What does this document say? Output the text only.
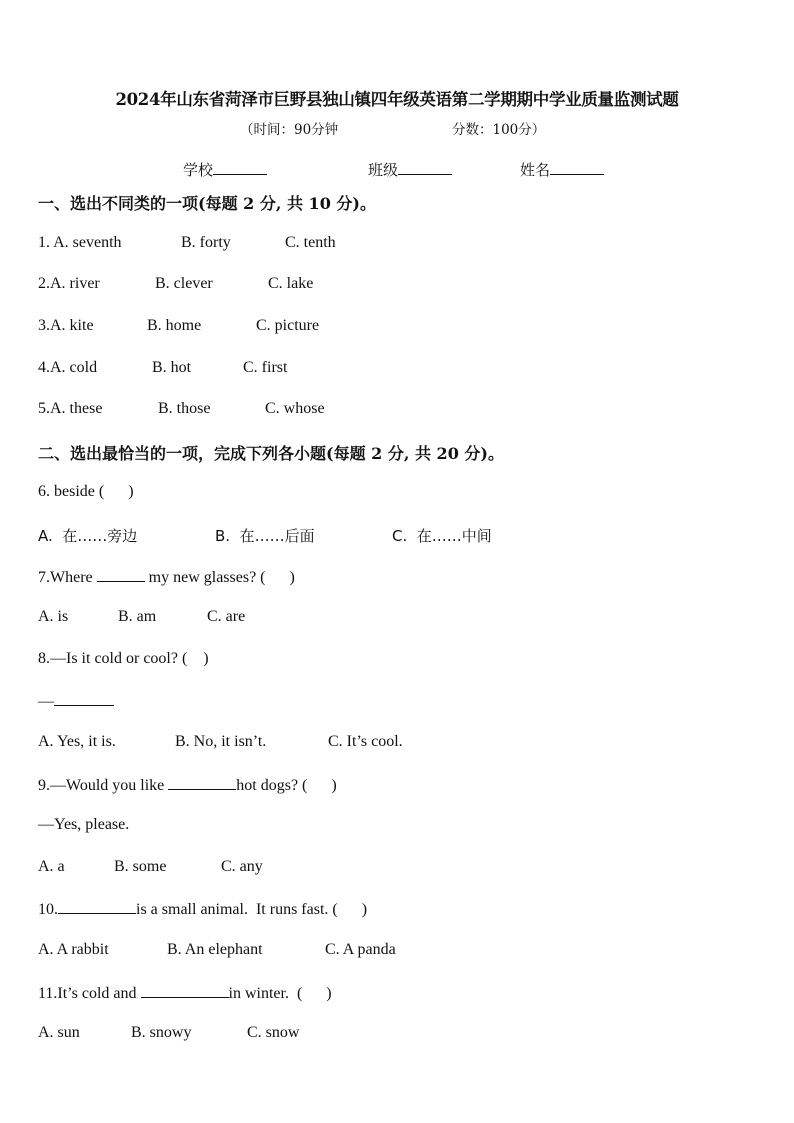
2024年山东省菏泽市巨野县独山镇四年级英语第二学期期中学业质量监测试题
（时间：90分钟	分数：100分）
学校	班级	姓名
一、选出不同类的一项(每题 2 分, 共 10 分)。
1. A. seventh	B. forty	C. tenth
2.A. river	B. clever	C. lake
3.A. kite	B. home	C. picture
4.A. cold	B. hot	C. first
5.A. these	B. those	C. whose
二、选出最恰当的一项，完成下列各小题(每题 2 分, 共 20 分)。
6. beside (      )
A.  在……旁边	B.  在……后面	C.  在……中间
7.Where	my new glasses? (      )
A. is	B. am	C. are
8.—Is it cold or cool? (    )
—
A. Yes, it is.	B. No, it isn’t.	C. It’s cool.
9.—Would you like	hot dogs? (      )
—Yes, please.
A. a	B. some	C. any
10.	is a small animal.  It runs fast. (      )
A. A rabbit	B. An elephant	C. A panda
11.It’s cold and	in winter.  (      )
A. sun	B. snowy	C. snow
